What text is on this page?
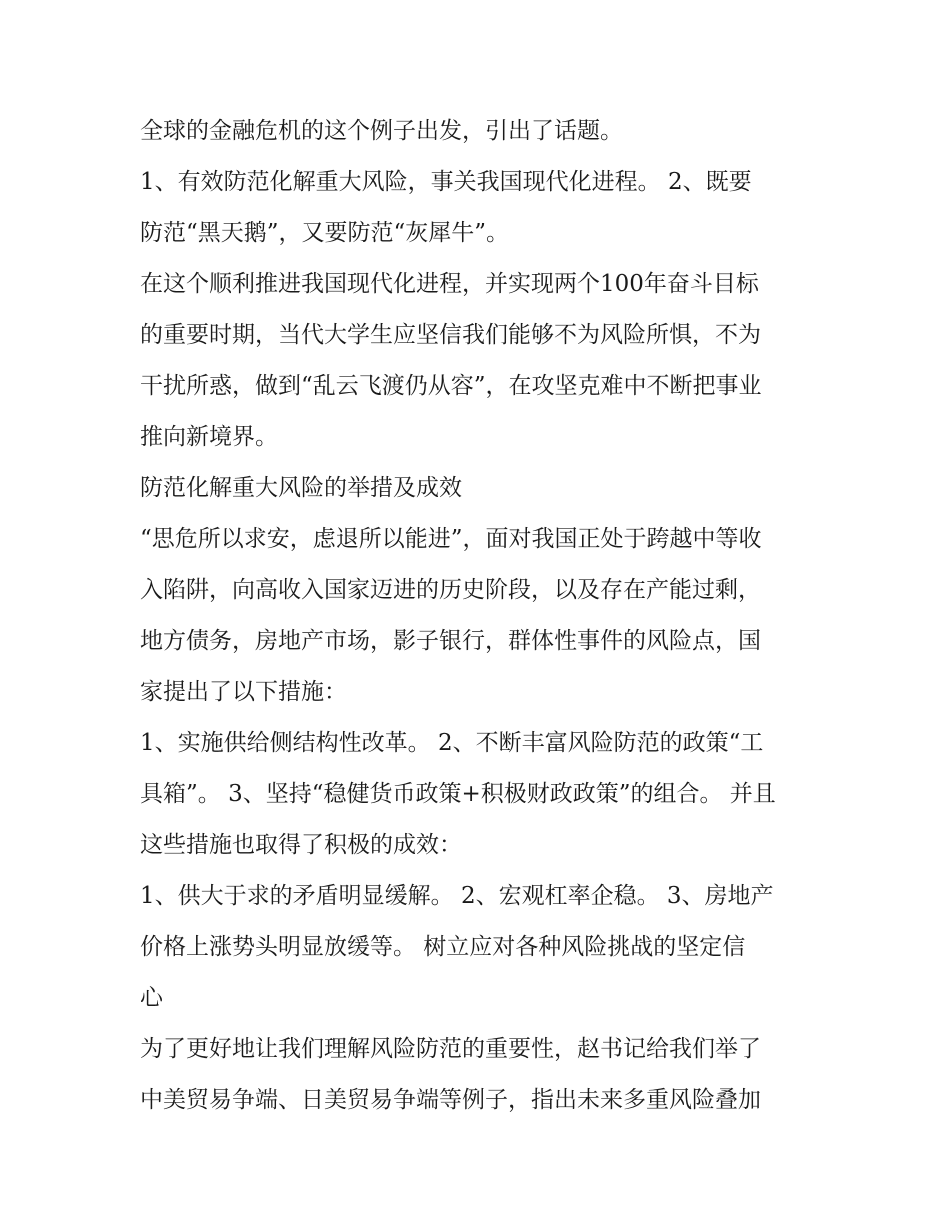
全球的金融危机的这个例子出发，引出了话题。
1、有效防范化解重大风险，事关我国现代化进程。 2、既要
防范“黑天鹅”，又要防范“灰犀牛”。
在这个顺利推进我国现代化进程，并实现两个100年奋斗目标
的重要时期，当代大学生应坚信我们能够不为风险所惧，不为
干扰所惑，做到“乱云飞渡仍从容”，在攻坚克难中不断把事业
推向新境界。
防范化解重大风险的举措及成效
“思危所以求安，虑退所以能进”，面对我国正处于跨越中等收
入陷阱，向高收入国家迈进的历史阶段，以及存在产能过剩，
地方债务，房地产市场，影子银行，群体性事件的风险点，国
家提出了以下措施：
1、实施供给侧结构性改革。 2、不断丰富风险防范的政策“工
具箱”。 3、坚持“稳健货币政策+积极财政政策”的组合。 并且
这些措施也取得了积极的成效：
1、供大于求的矛盾明显缓解。 2、宏观杠率企稳。 3、房地产
价格上涨势头明显放缓等。 树立应对各种风险挑战的坚定信
心
为了更好地让我们理解风险防范的重要性，赵书记给我们举了
中美贸易争端、日美贸易争端等例子，指出未来多重风险叠加
